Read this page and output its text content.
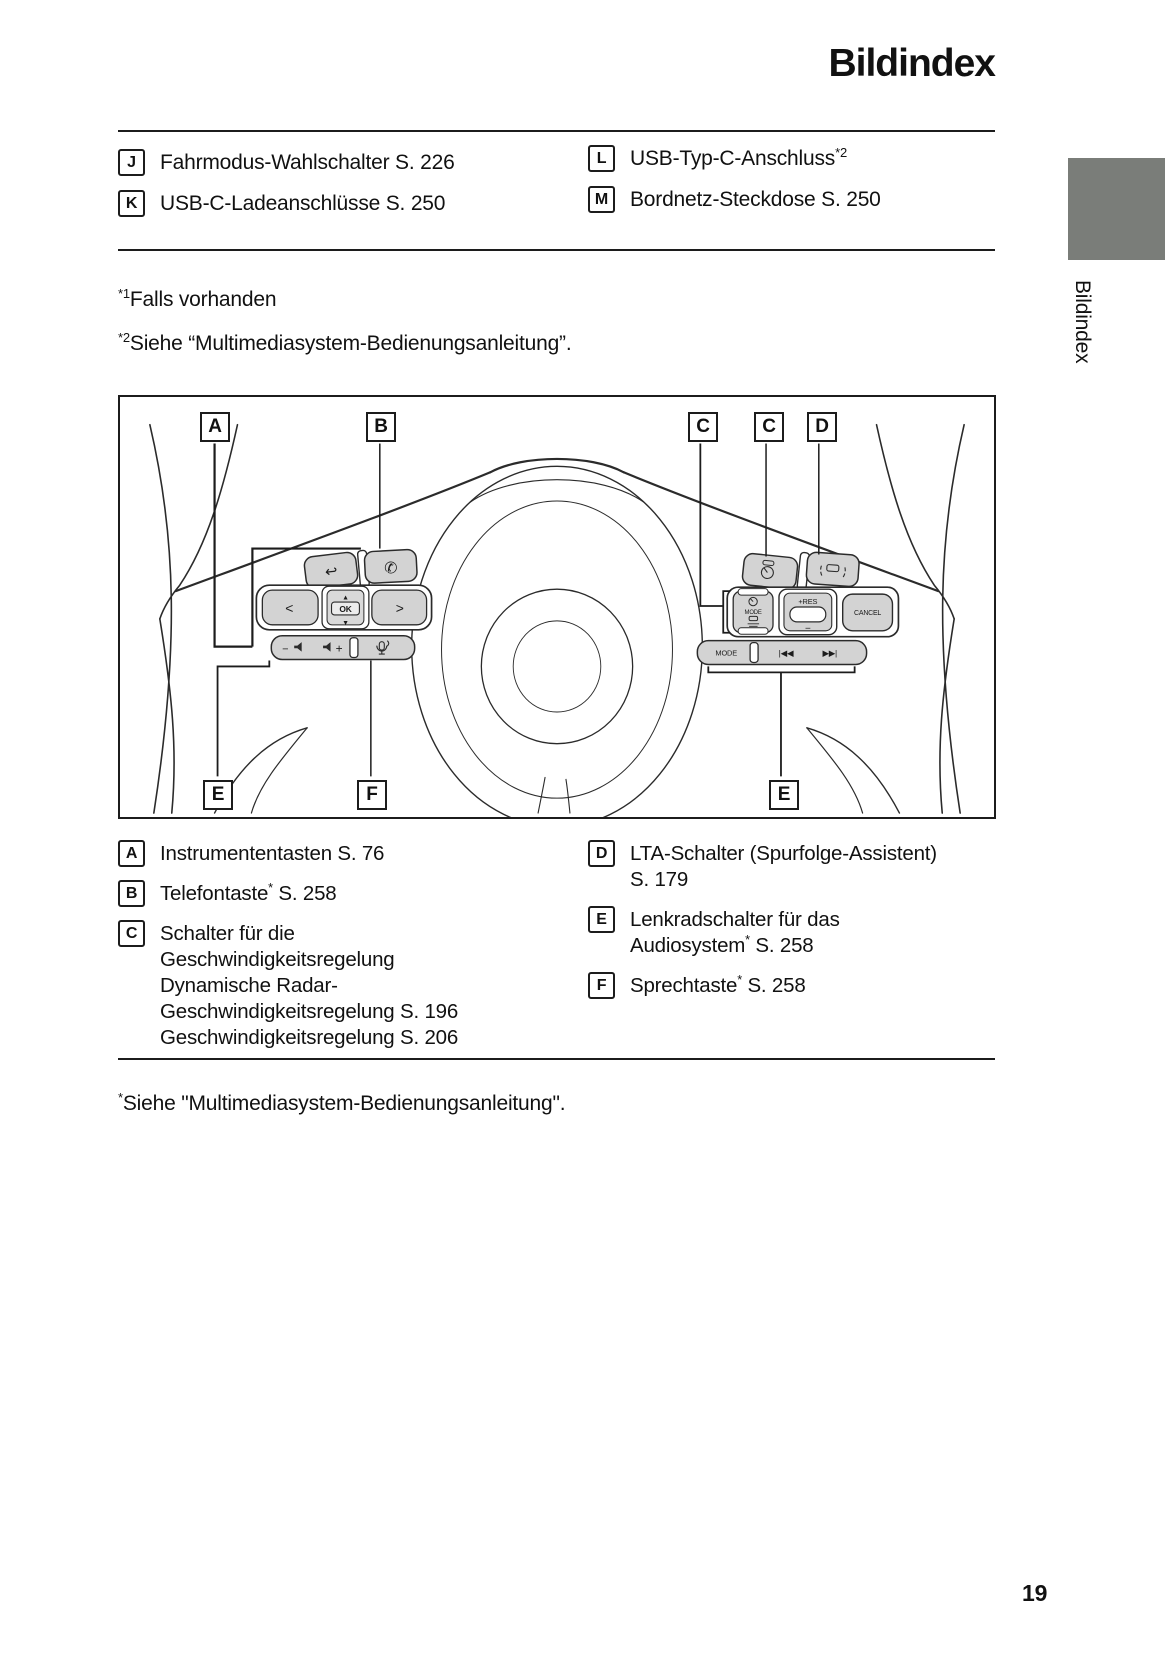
Bildindex
J	Fahrmodus-Wahlschalter S. 226
K	USB-C-Ladeanschlüsse S. 250
L	USB-Typ-C-Anschluss$^{*2}$
M	Bordnetz-Steckdose S. 250
Bildindex
$^{*1}$Falls vorhanden
$^{*2}$Siehe “Multimediasystem-Bedienungsanleitung”.
↩	✆
<	>
▲
OK
▼
−	+
MODE
+RES
−
CANCEL
MODE	|◀◀	▶▶|
A	B	C	C	D
E	F	E
A	Instrumententasten S. 76
B	Telefontaste* S. 258
C	Schalter für die
Geschwindigkeitsregelung
Dynamische Radar-
Geschwindigkeitsregelung S. 196
Geschwindigkeitsregelung S. 206
D	LTA-Schalter (Spurfolge-Assistent)
S. 179
E	Lenkradschalter für das
Audiosystem* S. 258
F	Sprechtaste* S. 258
*Siehe "Multimediasystem-Bedienungsanleitung".
19
